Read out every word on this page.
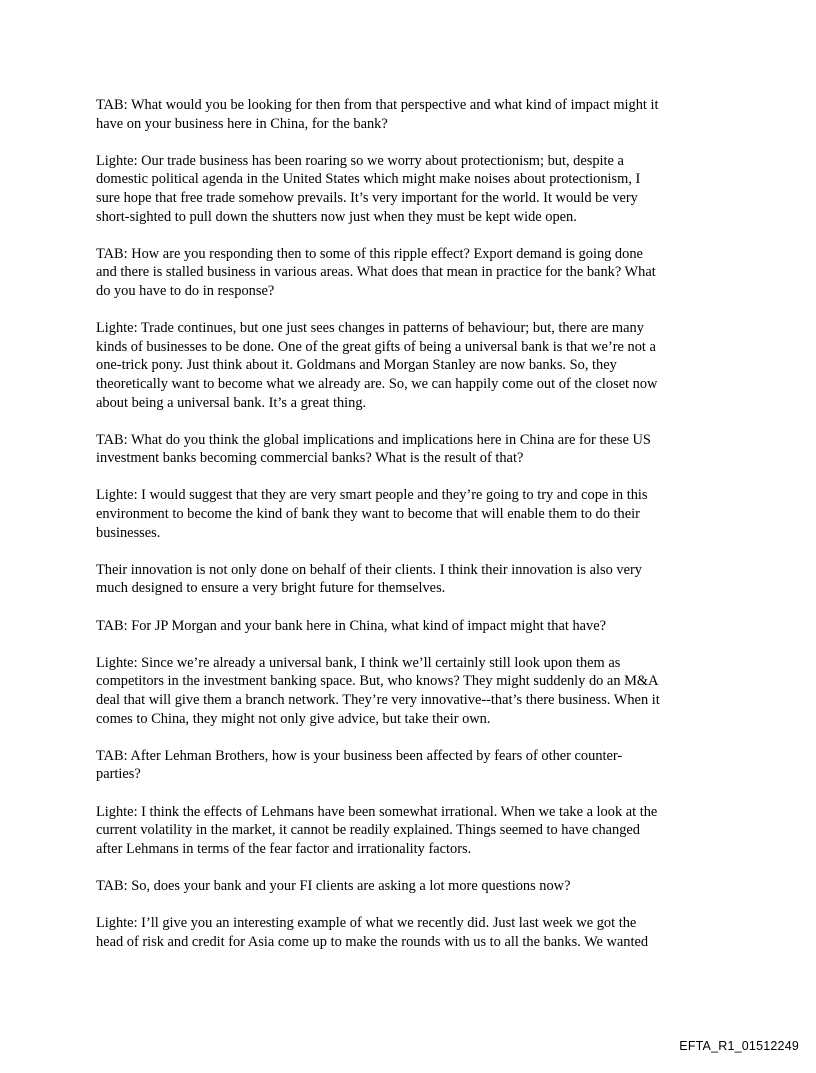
TAB: What would you be looking for then from that perspective and what kind of impact might it
have on your business here in China, for the bank?

Lighte: Our trade business has been roaring so we worry about protectionism; but, despite a
domestic political agenda in the United States which might make noises about protectionism, I
sure hope that free trade somehow prevails. It’s very important for the world. It would be very
short-sighted to pull down the shutters now just when they must be kept wide open.

TAB: How are you responding then to some of this ripple effect? Export demand is going done
and there is stalled business in various areas. What does that mean in practice for the bank? What
do you have to do in response?

Lighte: Trade continues, but one just sees changes in patterns of behaviour; but, there are many
kinds of businesses to be done. One of the great gifts of being a universal bank is that we’re not a
one-trick pony. Just think about it. Goldmans and Morgan Stanley are now banks. So, they
theoretically want to become what we already are. So, we can happily come out of the closet now
about being a universal bank. It’s a great thing.

TAB: What do you think the global implications and implications here in China are for these US
investment banks becoming commercial banks? What is the result of that?

Lighte: I would suggest that they are very smart people and they’re going to try and cope in this
environment to become the kind of bank they want to become that will enable them to do their
businesses.

Their innovation is not only done on behalf of their clients. I think their innovation is also very
much designed to ensure a very bright future for themselves.

TAB: For JP Morgan and your bank here in China, what kind of impact might that have?

Lighte: Since we’re already a universal bank, I think we’ll certainly still look upon them as
competitors in the investment banking space. But, who knows? They might suddenly do an M&A
deal that will give them a branch network. They’re very innovative--that’s there business. When it
comes to China, they might not only give advice, but take their own.

TAB: After Lehman Brothers, how is your business been affected by fears of other counter-
parties?

Lighte: I think the effects of Lehmans have been somewhat irrational. When we take a look at the
current volatility in the market, it cannot be readily explained. Things seemed to have changed
after Lehmans in terms of the fear factor and irrationality factors.

TAB: So, does your bank and your FI clients are asking a lot more questions now?

Lighte: I’ll give you an interesting example of what we recently did. Just last week we got the
head of risk and credit for Asia come up to make the rounds with us to all the banks. We wanted

EFTA_R1_01512249
